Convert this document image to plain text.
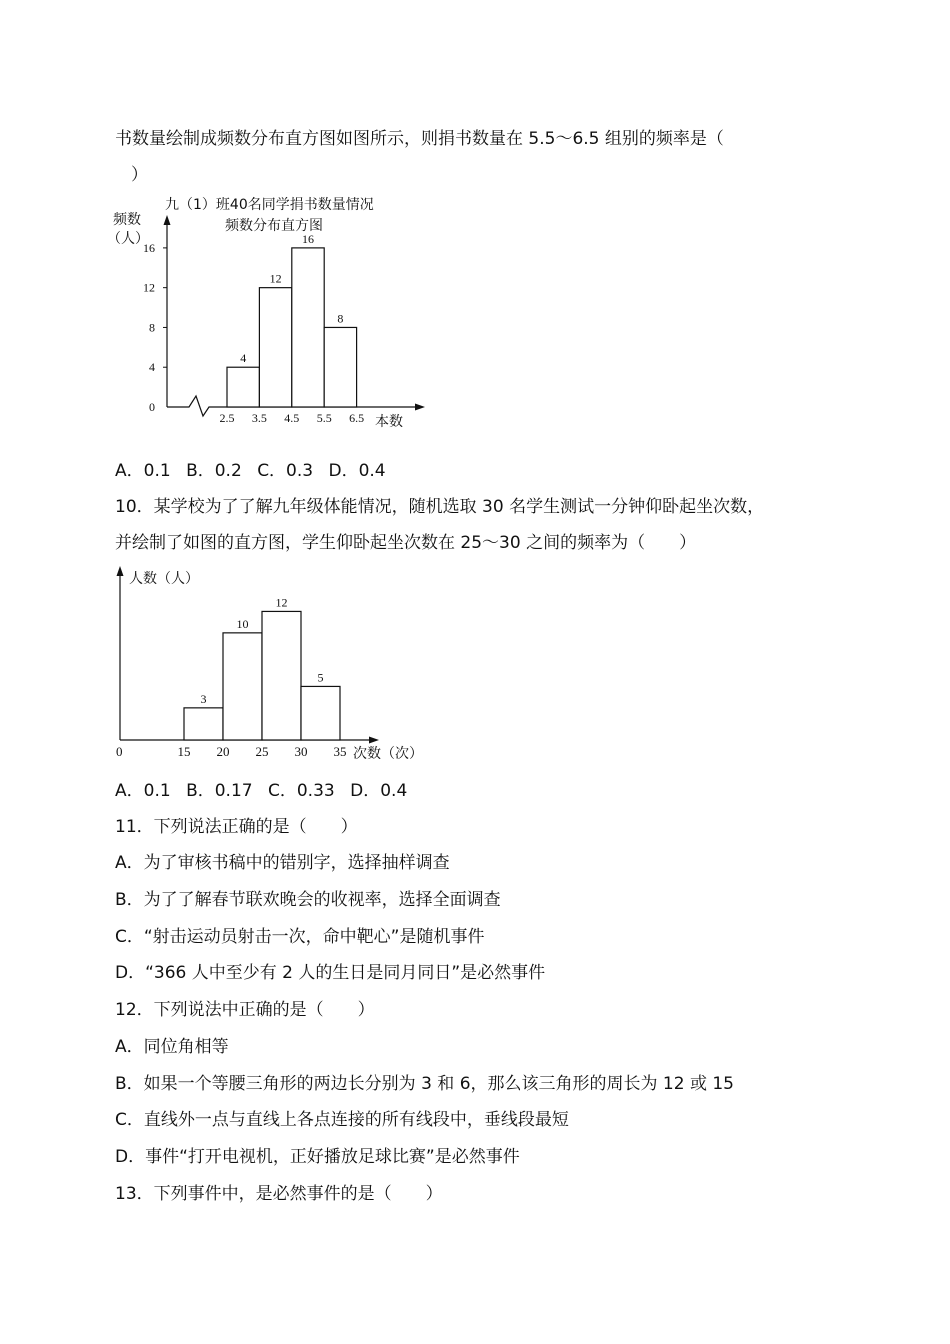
书数量绘制成频数分布直方图如图所示，则捐书数量在 5.5～6.5 组别的频率是（
）
九（1）班40名同学捐书数量情况
频数分布直方图
频数
（人）
本数
16
12
8
4
0
4
12
16
8
2.5 3.5 4.5 5.5 6.5
A．0.1 B．0.2 C．0.3 D．0.4
10．某学校为了了解九年级体能情况，随机选取 30 名学生测试一分钟仰卧起坐次数，
并绘制了如图的直方图，学生仰卧起坐次数在 25～30 之间的频率为（　　）
人数（人）
次数（次）
0
3
10
12
5
15 20 25 30 35
A．0.1 B．0.17 C．0.33 D．0.4
11．下列说法正确的是（　　）
A．为了审核书稿中的错别字，选择抽样调查
B．为了了解春节联欢晚会的收视率，选择全面调查
C．“射击运动员射击一次，命中靶心”是随机事件
D．“366 人中至少有 2 人的生日是同月同日”是必然事件
12．下列说法中正确的是（　　）
A．同位角相等
B．如果一个等腰三角形的两边长分别为 3 和 6，那么该三角形的周长为 12 或 15
C．直线外一点与直线上各点连接的所有线段中，垂线段最短
D．事件“打开电视机，正好播放足球比赛”是必然事件
13．下列事件中，是必然事件的是（　　）
